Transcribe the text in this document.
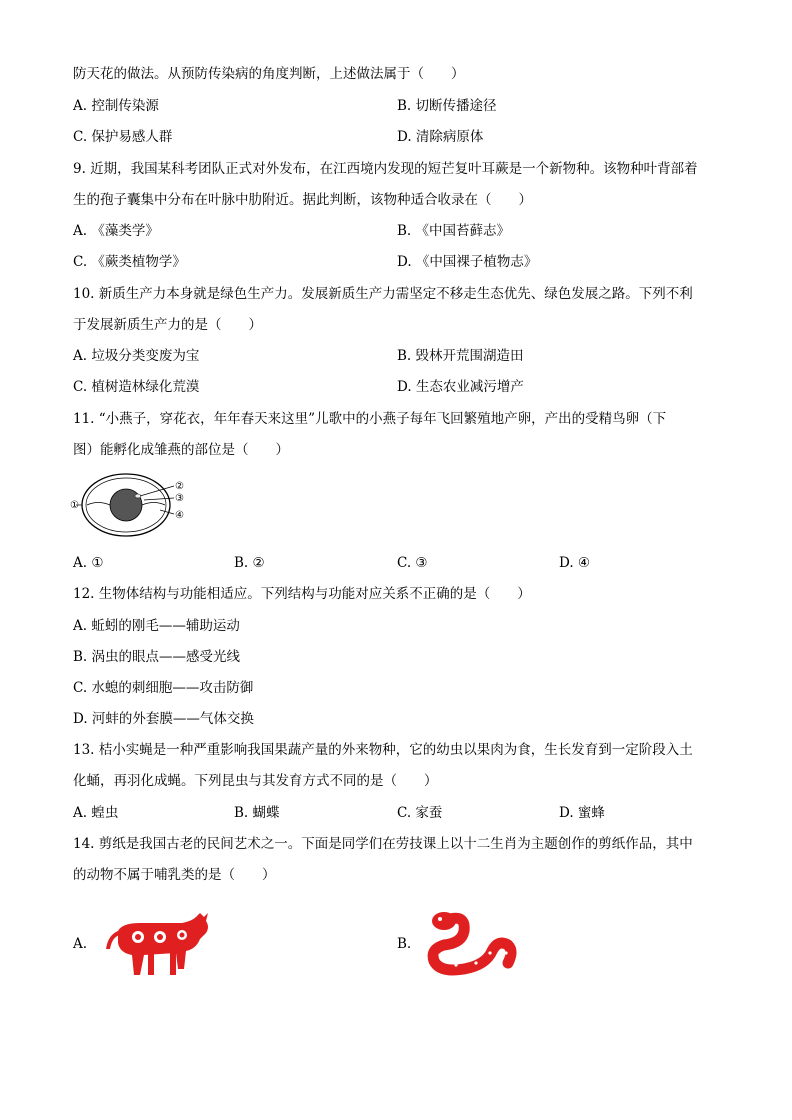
防天花的做法。从预防传染病的角度判断，上述做法属于（　　）
A. 控制传染源	B. 切断传播途径
C. 保护易感人群	D. 清除病原体
9. 近期，我国某科考团队正式对外发布，在江西境内发现的短芒复叶耳蕨是一个新物种。该物种叶背部着
生的孢子囊集中分布在叶脉中肋附近。据此判断，该物种适合收录在（　　）
A. 《藻类学》	B. 《中国苔藓志》
C. 《蕨类植物学》	D. 《中国裸子植物志》
10. 新质生产力本身就是绿色生产力。发展新质生产力需坚定不移走生态优先、绿色发展之路。下列不利
于发展新质生产力的是（　　）
A. 垃圾分类变废为宝	B. 毁林开荒围湖造田
C. 植树造林绿化荒漠	D. 生态农业减污增产
11. “小燕子，穿花衣，年年春天来这里”儿歌中的小燕子每年飞回繁殖地产卵，产出的受精鸟卵（下
图）能孵化成雏燕的部位是（　　）
①
②
③
④
A. ①	B. ②	C. ③	D. ④
12. 生物体结构与功能相适应。下列结构与功能对应关系不正确的是（　　）
A. 蚯蚓的刚毛——辅助运动
B. 涡虫的眼点——感受光线
C. 水螅的刺细胞——攻击防御
D. 河蚌的外套膜——气体交换
13. 桔小实蝇是一种严重影响我国果蔬产量的外来物种，它的幼虫以果肉为食，生长发育到一定阶段入土
化蛹，再羽化成蝇。下列昆虫与其发育方式不同的是（　　）
A. 蝗虫	B. 蝴蝶	C. 家蚕	D. 蜜蜂
14. 剪纸是我国古老的民间艺术之一。下面是同学们在劳技课上以十二生肖为主题创作的剪纸作品，其中
的动物不属于哺乳类的是（　　）
A.	B.
